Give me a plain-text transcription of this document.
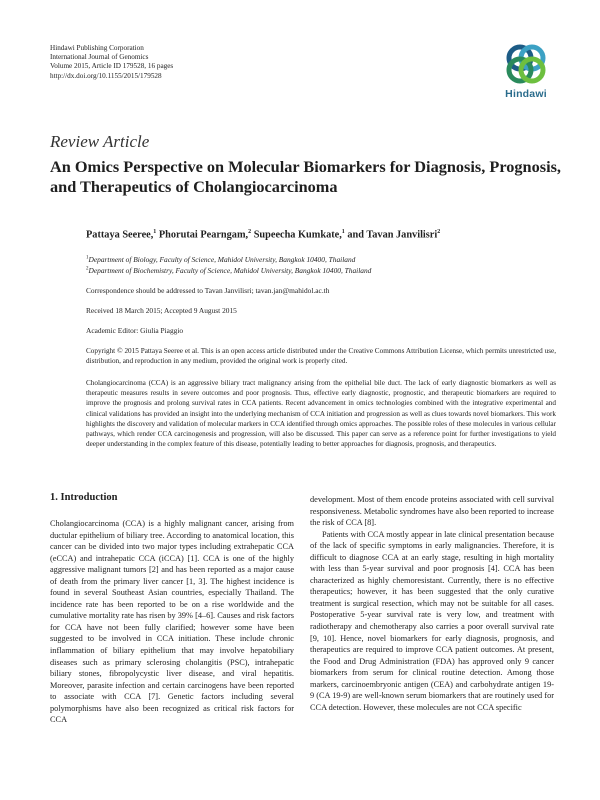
Hindawi Publishing Corporation
International Journal of Genomics
Volume 2015, Article ID 179528, 16 pages
http://dx.doi.org/10.1155/2015/179528
Hindawi
Review Article
An Omics Perspective on Molecular Biomarkers for Diagnosis, Prognosis, and Therapeutics of Cholangiocarcinoma
Pattaya Seeree,$^1$ Phorutai Pearngam,$^2$ Supeecha Kumkate,$^1$ and Tavan Janvilisri$^2$
$^1$Department of Biology, Faculty of Science, Mahidol University, Bangkok 10400, Thailand
$^2$Department of Biochemistry, Faculty of Science, Mahidol University, Bangkok 10400, Thailand
Correspondence should be addressed to Tavan Janvilisri; tavan.jan@mahidol.ac.th
Received 18 March 2015; Accepted 9 August 2015
Academic Editor: Giulia Piaggio
Copyright © 2015 Pattaya Seeree et al. This is an open access article distributed under the Creative Commons Attribution License, which permits unrestricted use, distribution, and reproduction in any medium, provided the original work is properly cited.
Cholangiocarcinoma (CCA) is an aggressive biliary tract malignancy arising from the epithelial bile duct. The lack of early diagnostic biomarkers as well as therapeutic measures results in severe outcomes and poor prognosis. Thus, effective early diagnostic, prognostic, and therapeutic biomarkers are required to improve the prognosis and prolong survival rates in CCA patients. Recent advancement in omics technologies combined with the integrative experimental and clinical validations has provided an insight into the underlying mechanism of CCA initiation and progression as well as clues towards novel biomarkers. This work highlights the discovery and validation of molecular markers in CCA identified through omics approaches. The possible roles of these molecules in various cellular pathways, which render CCA carcinogenesis and progression, will also be discussed. This paper can serve as a reference point for further investigations to yield deeper understanding in the complex feature of this disease, potentially leading to better approaches for diagnosis, prognosis, and therapeutics.
1. Introduction

Cholangiocarcinoma (CCA) is a highly malignant cancer, arising from ductular epithelium of biliary tree. According to anatomical location, this cancer can be divided into two major types including extrahepatic CCA (eCCA) and intrahepatic CCA (iCCA) [1]. CCA is one of the highly aggressive malignant tumors [2] and has been reported as a major cause of death from the primary liver cancer [1, 3]. The highest incidence is found in several Southeast Asian countries, especially Thailand. The incidence rate has been reported to be on a rise worldwide and the cumulative mortality rate has risen by 39% [4–6]. Causes and risk factors for CCA have not been fully clarified; however some have been suggested to be involved in CCA initiation. These include chronic inflammation of biliary epithelium that may involve hepatobiliary diseases such as primary sclerosing cholangitis (PSC), intrahepatic biliary stones, fibropolycystic liver disease, and viral hepatitis. Moreover, parasite infection and certain carcinogens have been reported to associate with CCA [7]. Genetic factors including several polymorphisms have also been recognized as critical risk factors for CCA

development. Most of them encode proteins associated with cell survival responsiveness. Metabolic syndromes have also been reported to increase the risk of CCA [8].

Patients with CCA mostly appear in late clinical presentation because of the lack of specific symptoms in early malignancies. Therefore, it is difficult to diagnose CCA at an early stage, resulting in high mortality with less than 5-year survival and poor prognosis [4]. CCA has been characterized as highly chemoresistant. Currently, there is no effective therapeutics; however, it has been suggested that the only curative treatment is surgical resection, which may not be suitable for all cases. Postoperative 5-year survival rate is very low, and treatment with radiotherapy and chemotherapy also carries a poor overall survival rate [9, 10]. Hence, novel biomarkers for early diagnosis, prognosis, and therapeutics are required to improve CCA patient outcomes. At present, the Food and Drug Administration (FDA) has approved only 9 cancer biomarkers from serum for clinical routine detection. Among those markers, carcinoembryonic antigen (CEA) and carbohydrate antigen 19-9 (CA 19-9) are well-known serum biomarkers that are routinely used for CCA detection. However, these molecules are not CCA specific
